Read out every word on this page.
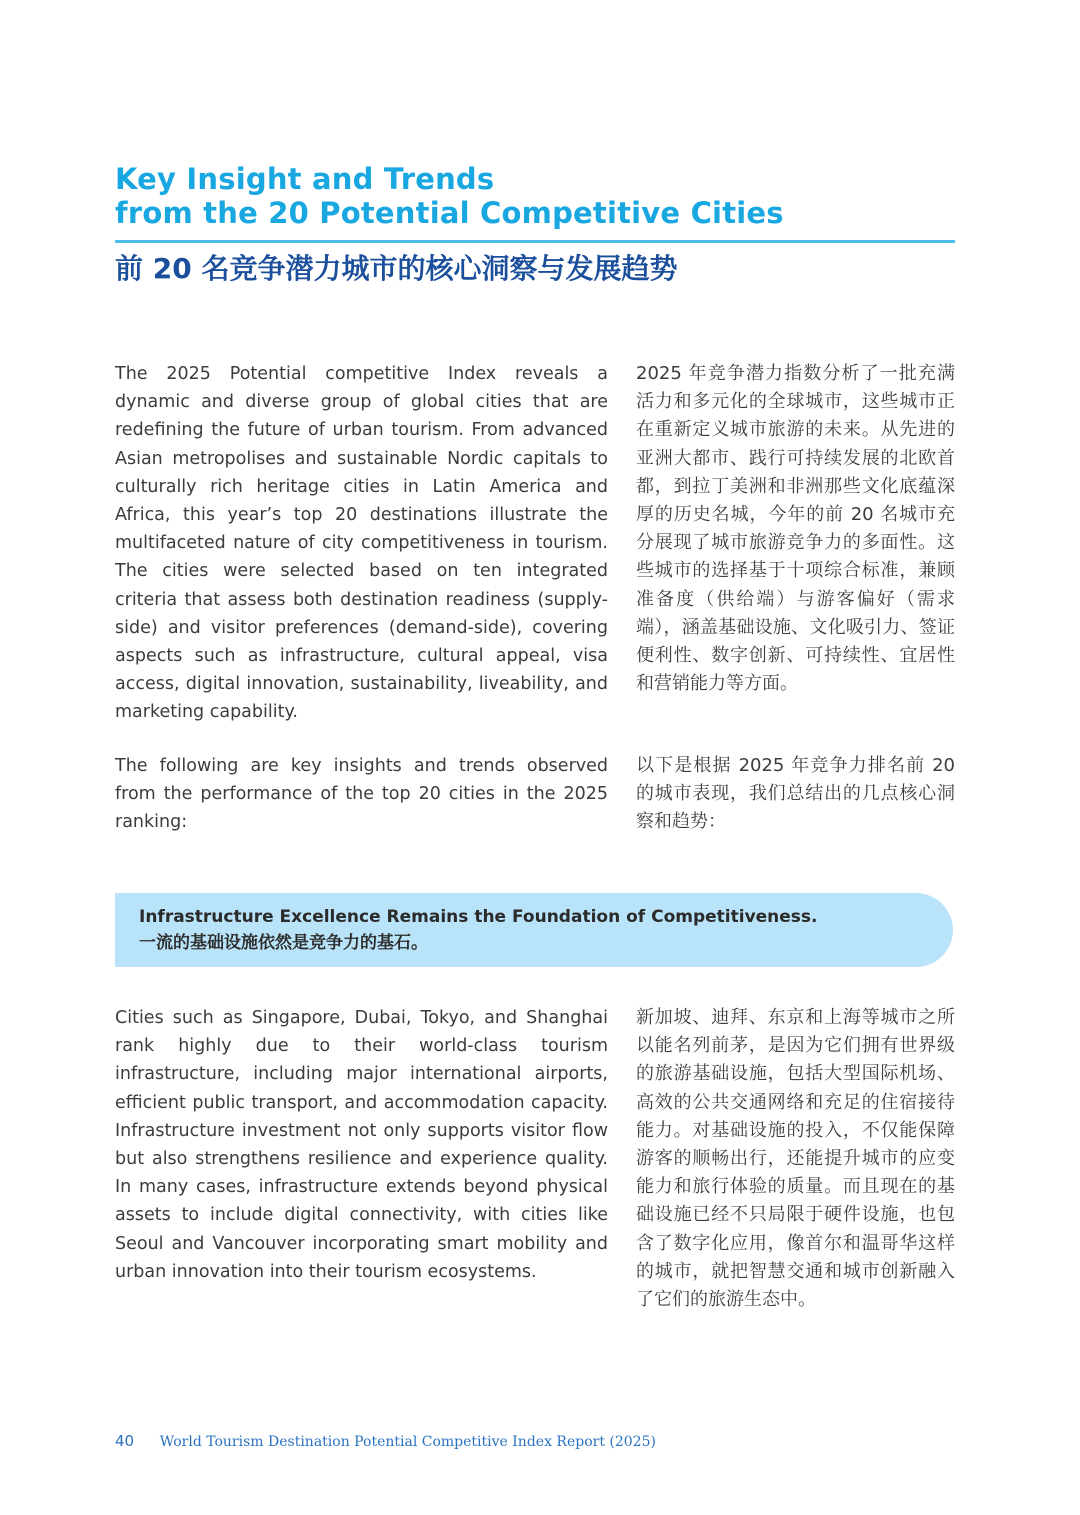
Key Insight and Trends
from the 20 Potential Competitive Cities
前 20 名竞争潜力城市的核心洞察与发展趋势

The 2025 Potential competitive Index reveals a dynamic and diverse group of global cities that are redefining the future of urban tourism. From advanced Asian metropolises and sustainable Nordic capitals to culturally rich heritage cities in Latin America and Africa, this year’s top 20 destinations illustrate the multifaceted nature of city competitiveness in tourism. The cities were selected based on ten integrated criteria that assess both destination readiness (supply-side) and visitor preferences (demand-side), covering aspects such as infrastructure, cultural appeal, visa access, digital innovation, sustainability, liveability, and marketing capability.

2025 年竞争潜力指数分析了一批充满活力和多元化的全球城市，这些城市正在重新定义城市旅游的未来。从先进的亚洲大都市、践行可持续发展的北欧首都，到拉丁美洲和非洲那些文化底蕴深厚的历史名城，今年的前 20 名城市充分展现了城市旅游竞争力的多面性。这些城市的选择基于十项综合标准，兼顾准备度（供给端）与游客偏好（需求端），涵盖基础设施、文化吸引力、签证便利性、数字创新、可持续性、宜居性和营销能力等方面。

The following are key insights and trends observed from the performance of the top 20 cities in the 2025 ranking:

以下是根据 2025 年竞争力排名前 20 的城市表现，我们总结出的几点核心洞察和趋势：

Infrastructure Excellence Remains the Foundation of Competitiveness.
一流的基础设施依然是竞争力的基石。

Cities such as Singapore, Dubai, Tokyo, and Shanghai rank highly due to their world-class tourism infrastructure, including major international airports, efficient public transport, and accommodation capacity. Infrastructure investment not only supports visitor flow but also strengthens resilience and experience quality. In many cases, infrastructure extends beyond physical assets to include digital connectivity, with cities like Seoul and Vancouver incorporating smart mobility and urban innovation into their tourism ecosystems.

新加坡、迪拜、东京和上海等城市之所以能名列前茅，是因为它们拥有世界级的旅游基础设施，包括大型国际机场、高效的公共交通网络和充足的住宿接待能力。对基础设施的投入，不仅能保障游客的顺畅出行，还能提升城市的应变能力和旅行体验的质量。而且现在的基础设施已经不只局限于硬件设施，也包含了数字化应用，像首尔和温哥华这样的城市，就把智慧交通和城市创新融入了它们的旅游生态中。

40 World Tourism Destination Potential Competitive Index Report (2025)
